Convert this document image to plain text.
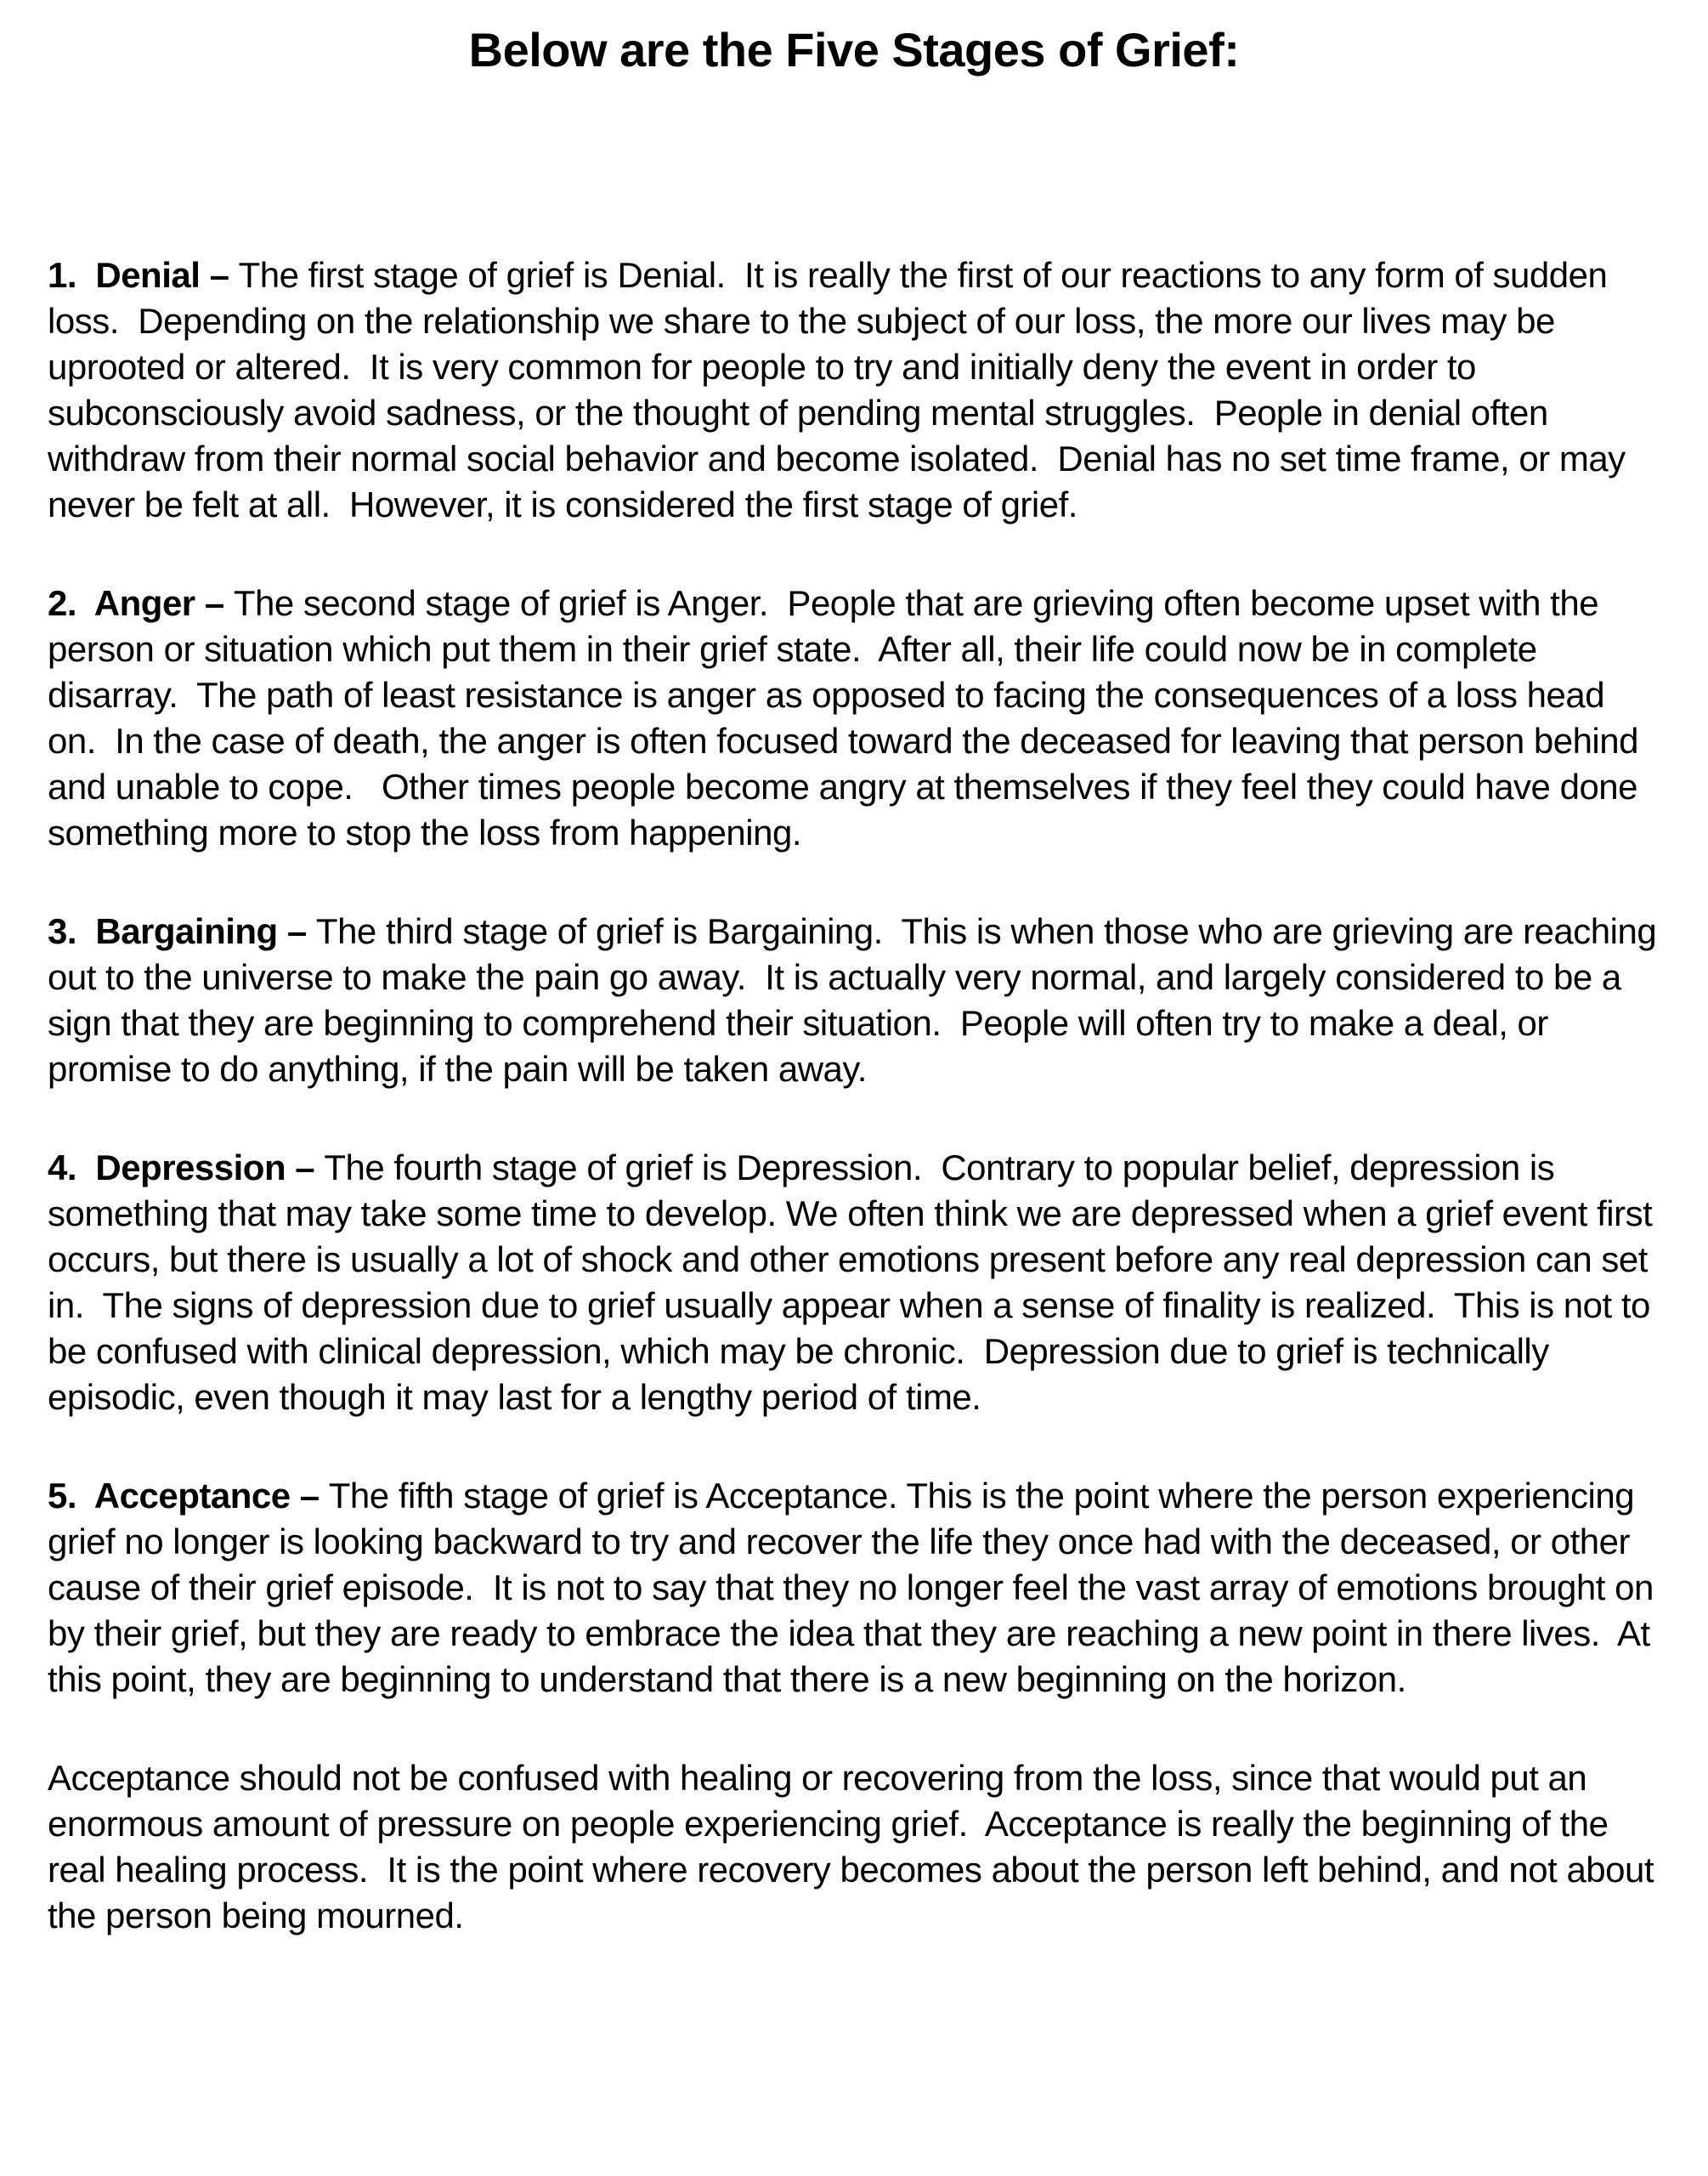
Below are the Five Stages of Grief:

1.  Denial – The first stage of grief is Denial.  It is really the first of our reactions to any form of sudden loss.  Depending on the relationship we share to the subject of our loss, the more our lives may be uprooted or altered.  It is very common for people to try and initially deny the event in order to subconsciously avoid sadness, or the thought of pending mental struggles.  People in denial often withdraw from their normal social behavior and become isolated.  Denial has no set time frame, or may never be felt at all.  However, it is considered the first stage of grief.

2.  Anger – The second stage of grief is Anger.  People that are grieving often become upset with the person or situation which put them in their grief state.  After all, their life could now be in complete disarray.  The path of least resistance is anger as opposed to facing the consequences of a loss head on.  In the case of death, the anger is often focused toward the deceased for leaving that person behind and unable to cope.   Other times people become angry at themselves if they feel they could have done something more to stop the loss from happening.

3.  Bargaining – The third stage of grief is Bargaining.  This is when those who are grieving are reaching out to the universe to make the pain go away.  It is actually very normal, and largely considered to be a sign that they are beginning to comprehend their situation.  People will often try to make a deal, or promise to do anything, if the pain will be taken away.

4.  Depression – The fourth stage of grief is Depression.  Contrary to popular belief, depression is something that may take some time to develop. We often think we are depressed when a grief event first occurs, but there is usually a lot of shock and other emotions present before any real depression can set in.  The signs of depression due to grief usually appear when a sense of finality is realized.  This is not to be confused with clinical depression, which may be chronic.  Depression due to grief is technically episodic, even though it may last for a lengthy period of time.

5.  Acceptance – The fifth stage of grief is Acceptance. This is the point where the person experiencing grief no longer is looking backward to try and recover the life they once had with the deceased, or other cause of their grief episode.  It is not to say that they no longer feel the vast array of emotions brought on by their grief, but they are ready to embrace the idea that they are reaching a new point in there lives.  At this point, they are beginning to understand that there is a new beginning on the horizon.

Acceptance should not be confused with healing or recovering from the loss, since that would put an enormous amount of pressure on people experiencing grief.  Acceptance is really the beginning of the real healing process.  It is the point where recovery becomes about the person left behind, and not about the person being mourned.
